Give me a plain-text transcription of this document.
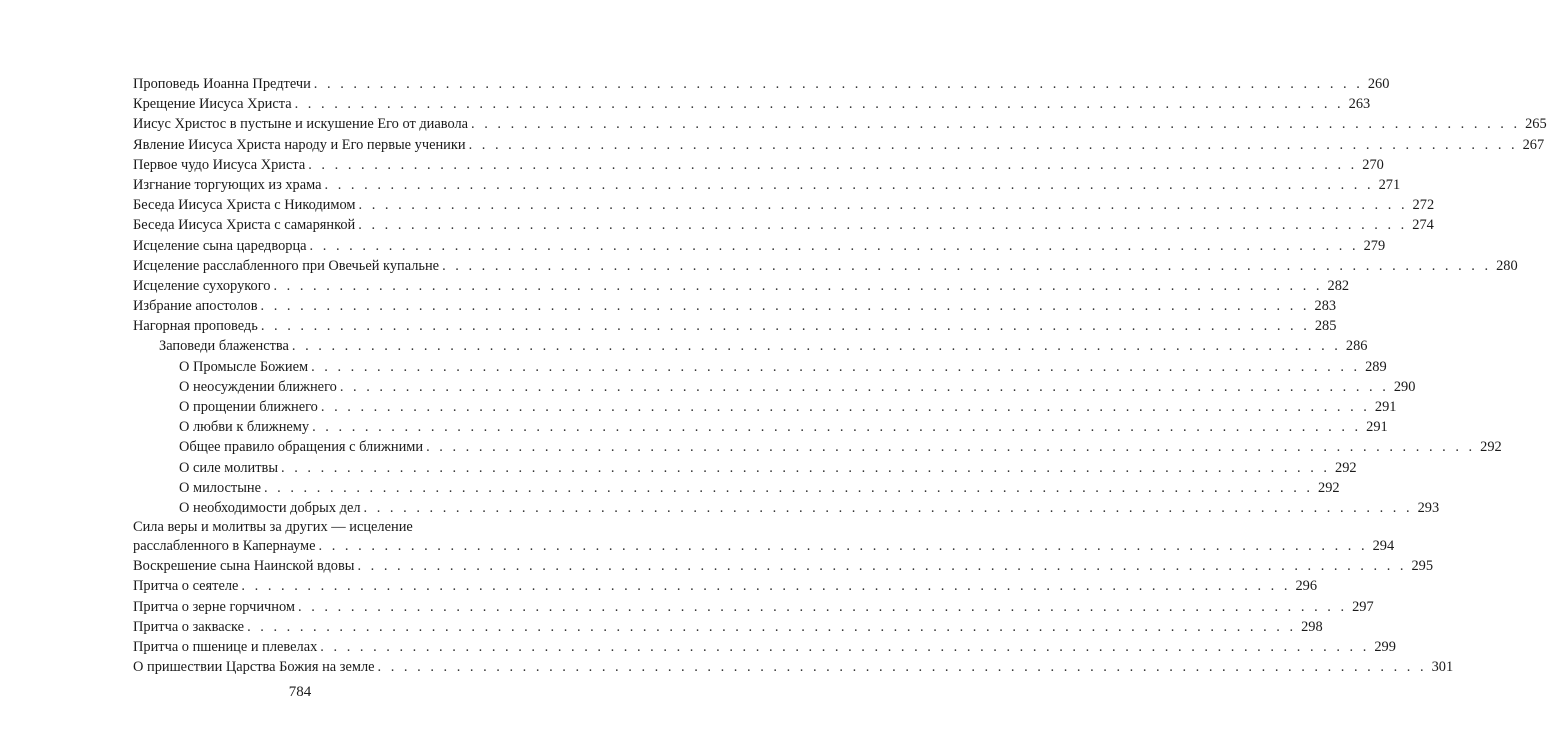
Проповедь Иоанна Предтечи . . . . . . . . . . . . . . . . . . . . . . . . . . . . . . . . . . . . . . . . . . . . . . . . . . . . . . . . . . . . . . . . . . . . . . . . . . . . . . . . 260
Крещение Иисуса Христа . . . . . . . . . . . . . . . . . . . . . . . . . . . . . . . . . . . . . . . . . . . . . . . . . . . . . . . . . . . . . . . . . . . . . . . . . . . . . . . . 263
Иисус Христос в пустыне и искушение Его от диавола . . . . . . . . . . . . . . . . . . . . . . . . . . . . . . . . . . . . . . . . . . . . . . . . . . . . . . . . . . . . . . . . . . . . . . . . . . . . . . . . 265
Явление Иисуса Христа народу и Его первые ученики . . . . . . . . . . . . . . . . . . . . . . . . . . . . . . . . . . . . . . . . . . . . . . . . . . . . . . . . . . . . . . . . . . . . . . . . . . . . . . . . 267
Первое чудо Иисуса Христа . . . . . . . . . . . . . . . . . . . . . . . . . . . . . . . . . . . . . . . . . . . . . . . . . . . . . . . . . . . . . . . . . . . . . . . . . . . . . . . . 270
Изгнание торгующих из храма . . . . . . . . . . . . . . . . . . . . . . . . . . . . . . . . . . . . . . . . . . . . . . . . . . . . . . . . . . . . . . . . . . . . . . . . . . . . . . . . 271
Беседа Иисуса Христа с Никодимом . . . . . . . . . . . . . . . . . . . . . . . . . . . . . . . . . . . . . . . . . . . . . . . . . . . . . . . . . . . . . . . . . . . . . . . . . . . . . . . . 272
Беседа Иисуса Христа с самарянкой . . . . . . . . . . . . . . . . . . . . . . . . . . . . . . . . . . . . . . . . . . . . . . . . . . . . . . . . . . . . . . . . . . . . . . . . . . . . . . . . 274
Исцеление сына царедворца . . . . . . . . . . . . . . . . . . . . . . . . . . . . . . . . . . . . . . . . . . . . . . . . . . . . . . . . . . . . . . . . . . . . . . . . . . . . . . . . 279
Исцеление расслабленного при Овечьей купальне . . . . . . . . . . . . . . . . . . . . . . . . . . . . . . . . . . . . . . . . . . . . . . . . . . . . . . . . . . . . . . . . . . . . . . . . . . . . . . . . 280
Исцеление сухорукого . . . . . . . . . . . . . . . . . . . . . . . . . . . . . . . . . . . . . . . . . . . . . . . . . . . . . . . . . . . . . . . . . . . . . . . . . . . . . . . . 282
Избрание апостолов . . . . . . . . . . . . . . . . . . . . . . . . . . . . . . . . . . . . . . . . . . . . . . . . . . . . . . . . . . . . . . . . . . . . . . . . . . . . . . . . 283
Нагорная проповедь . . . . . . . . . . . . . . . . . . . . . . . . . . . . . . . . . . . . . . . . . . . . . . . . . . . . . . . . . . . . . . . . . . . . . . . . . . . . . . . . 285
Заповеди блаженства . . . . . . . . . . . . . . . . . . . . . . . . . . . . . . . . . . . . . . . . . . . . . . . . . . . . . . . . . . . . . . . . . . . . . . . . . . . . . . . . 286
О Промысле Божием . . . . . . . . . . . . . . . . . . . . . . . . . . . . . . . . . . . . . . . . . . . . . . . . . . . . . . . . . . . . . . . . . . . . . . . . . . . . . . . . 289
О неосуждении ближнего . . . . . . . . . . . . . . . . . . . . . . . . . . . . . . . . . . . . . . . . . . . . . . . . . . . . . . . . . . . . . . . . . . . . . . . . . . . . . . . . 290
О прощении ближнего . . . . . . . . . . . . . . . . . . . . . . . . . . . . . . . . . . . . . . . . . . . . . . . . . . . . . . . . . . . . . . . . . . . . . . . . . . . . . . . . 291
О любви к ближнему . . . . . . . . . . . . . . . . . . . . . . . . . . . . . . . . . . . . . . . . . . . . . . . . . . . . . . . . . . . . . . . . . . . . . . . . . . . . . . . . 291
Общее правило обращения с ближними . . . . . . . . . . . . . . . . . . . . . . . . . . . . . . . . . . . . . . . . . . . . . . . . . . . . . . . . . . . . . . . . . . . . . . . . . . . . . . . . 292
О силе молитвы . . . . . . . . . . . . . . . . . . . . . . . . . . . . . . . . . . . . . . . . . . . . . . . . . . . . . . . . . . . . . . . . . . . . . . . . . . . . . . . . 292
О милостыне . . . . . . . . . . . . . . . . . . . . . . . . . . . . . . . . . . . . . . . . . . . . . . . . . . . . . . . . . . . . . . . . . . . . . . . . . . . . . . . . 292
О необходимости добрых дел . . . . . . . . . . . . . . . . . . . . . . . . . . . . . . . . . . . . . . . . . . . . . . . . . . . . . . . . . . . . . . . . . . . . . . . . . . . . . . . . 293
Сила веры и молитвы за других — исцеление
расслабленного в Капернауме . . . . . . . . . . . . . . . . . . . . . . . . . . . . . . . . . . . . . . . . . . . . . . . . . . . . . . . . . . . . . . . . . . . . . . . . . . . . . . . . 294
Воскрешение сына Наинской вдовы . . . . . . . . . . . . . . . . . . . . . . . . . . . . . . . . . . . . . . . . . . . . . . . . . . . . . . . . . . . . . . . . . . . . . . . . . . . . . . . . 295
Притча о сеятеле . . . . . . . . . . . . . . . . . . . . . . . . . . . . . . . . . . . . . . . . . . . . . . . . . . . . . . . . . . . . . . . . . . . . . . . . . . . . . . . . 296
Притча о зерне горчичном . . . . . . . . . . . . . . . . . . . . . . . . . . . . . . . . . . . . . . . . . . . . . . . . . . . . . . . . . . . . . . . . . . . . . . . . . . . . . . . . 297
Притча о закваске . . . . . . . . . . . . . . . . . . . . . . . . . . . . . . . . . . . . . . . . . . . . . . . . . . . . . . . . . . . . . . . . . . . . . . . . . . . . . . . . 298
Притча о пшенице и плевелах . . . . . . . . . . . . . . . . . . . . . . . . . . . . . . . . . . . . . . . . . . . . . . . . . . . . . . . . . . . . . . . . . . . . . . . . . . . . . . . . 299
О пришествии Царства Божия на земле . . . . . . . . . . . . . . . . . . . . . . . . . . . . . . . . . . . . . . . . . . . . . . . . . . . . . . . . . . . . . . . . . . . . . . . . . . . . . . . . 301
784
